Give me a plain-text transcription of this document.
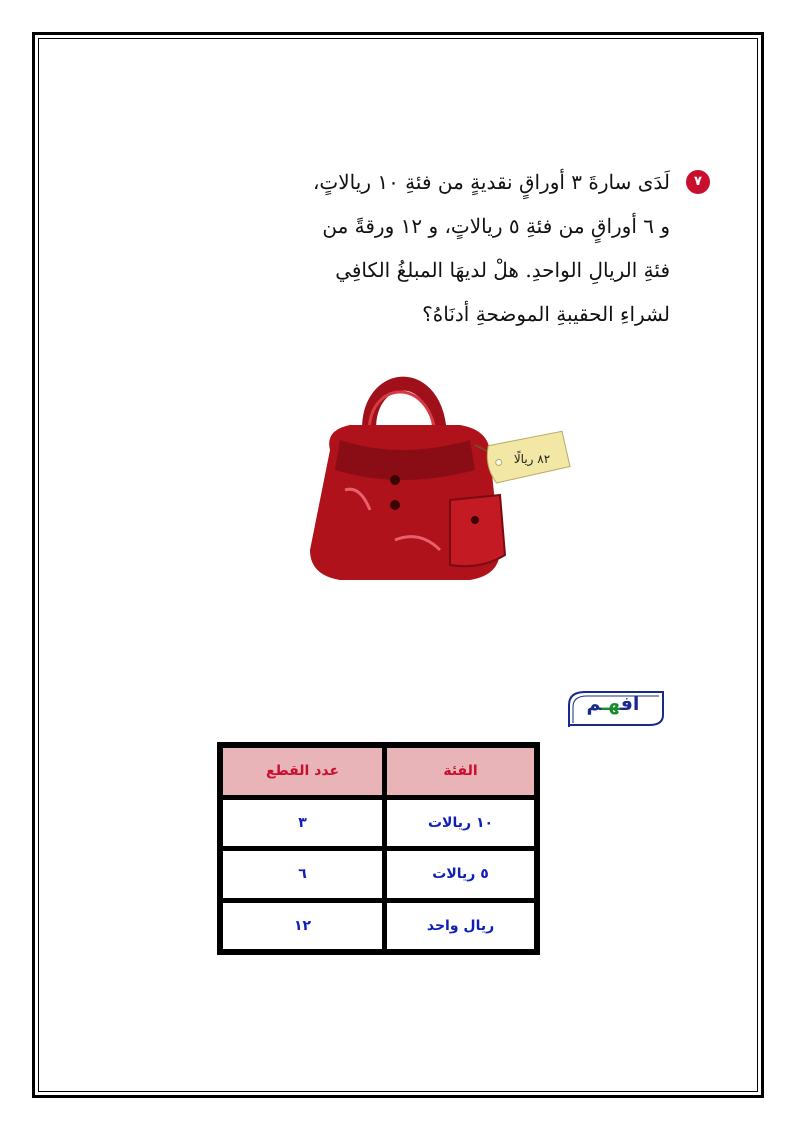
٧
لَدَى سارةَ ٣ أوراقٍ نقديةٍ من فئةِ ١٠ ريالاتٍ،
و ٦ أوراقٍ من فئةِ ٥ ريالاتٍ، و ١٢ ورقةً من
فئةِ الريالِ الواحدِ. هلْ لديهَا المبلغُ الكافِي
لشراءِ الحقيبةِ الموضحةِ أدنَاهُ؟
٨٢ ريالًا
افهـم
الفئة	عدد القطع
١٠ ريالات	٣
٥ ريالات	٦
ريال واحد	١٢
